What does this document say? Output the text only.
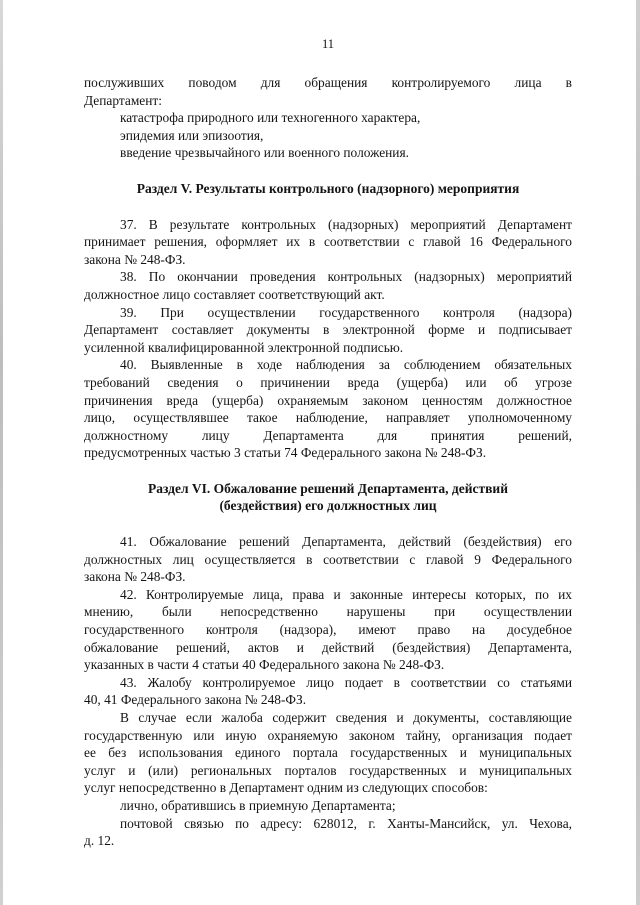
11

послуживших поводом для обращения контролируемого лица в

Департамент:

катастрофа природного или техногенного характера,

эпидемия или эпизоотия,

введение чрезвычайного или военного положения.

Раздел V. Результаты контрольного (надзорного) мероприятия

37. В результате контрольных (надзорных) мероприятий Департамент

принимает решения, оформляет их в соответствии с главой 16 Федерального

закона № 248-ФЗ.

38. По окончании проведения контрольных (надзорных) мероприятий

должностное лицо составляет соответствующий акт.

39. При осуществлении государственного контроля (надзора)

Департамент составляет документы в электронной форме и подписывает

усиленной квалифицированной электронной подписью.

40. Выявленные в ходе наблюдения за соблюдением обязательных

требований сведения о причинении вреда (ущерба) или об угрозе

причинения вреда (ущерба) охраняемым законом ценностям должностное

лицо, осуществлявшее такое наблюдение, направляет уполномоченному

должностному лицу Департамента для принятия решений,

предусмотренных частью 3 статьи 74 Федерального закона № 248-ФЗ.

Раздел VI. Обжалование решений Департамента, действий
(бездействия) его должностных лиц

41. Обжалование решений Департамента, действий (бездействия) его

должностных лиц осуществляется в соответствии с главой 9 Федерального

закона № 248-ФЗ.

42. Контролируемые лица, права и законные интересы которых, по их

мнению, были непосредственно нарушены при осуществлении

государственного контроля (надзора), имеют право на досудебное

обжалование решений, актов и действий (бездействия) Департамента,

указанных в части 4 статьи 40 Федерального закона № 248-ФЗ.

43. Жалобу контролируемое лицо подает в соответствии со статьями

40, 41 Федерального закона № 248-ФЗ.

В случае если жалоба содержит сведения и документы, составляющие

государственную или иную охраняемую законом тайну, организация подает

ее без использования единого портала государственных и муниципальных

услуг и (или) региональных порталов государственных и муниципальных

услуг непосредственно в Департамент одним из следующих способов:

лично, обратившись в приемную Департамента;

почтовой связью по адресу: 628012, г. Ханты-Мансийск, ул. Чехова,

д. 12.
